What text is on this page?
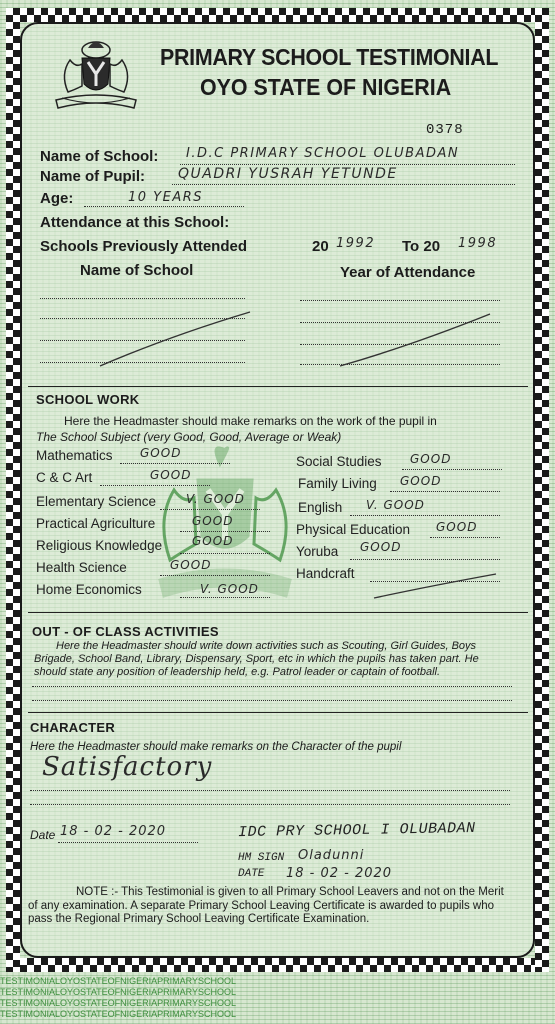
PRIMARY SCHOOL TESTIMONIAL
OYO STATE OF NIGERIA
0378
Name of School: I.D.C PRIMARY SCHOOL OLUBADAN
Name of Pupil: QUADRI YUSRAH YETUNDE
Age:	10 YEARS
Attendance at this School:
Schools Previously Attended	20 1992 To 20 1998
Name of School	Year of Attendance
SCHOOL WORK
Here the Headmaster should make remarks on the work of the pupil in
The School Subject (very Good, Good, Average or Weak)
Mathematics GOOD
C & C Art	GOOD
Elementary Science V. GOOD
Practical Agriculture	GOOD
Religious Knowledge GOOD
Health Science	GOOD
Home Economics	V. GOOD
Social Studies GOOD
Family Living GOOD
English V. GOOD
Physical Education GOOD
Yoruba GOOD
Handcraft
OUT - OF CLASS ACTIVITIES
Here the Headmaster should write down activities such as Scouting, Girl Guides, Boys Brigade, School Band, Library, Dispensary, Sport, etc in which the pupils has taken part. He should state any position of leadership held, e.g. Patrol leader or captain of football.
CHARACTER
Here the Headmaster should make remarks on the Character of the pupil
Satisfactory
Date 18 - 02 - 2020	IDC PRY SCHOOL I OLUBADAN
HM SIGN Oladunni
DATE 18 - 02 - 2020
NOTE :- This Testimonial is given to all Primary School Leavers and not on the Merit of any examination. A separate Primary School Leaving Certificate is awarded to pupils who pass the Regional Primary School Leaving Certificate Examination.
TESTIMONIALOYOSTATEOFNIGERIAPRIMARYSCHOOL
TESTIMONIALOYOSTATEOFNIGERIAPRIMARYSCHOOL
TESTIMONIALOYOSTATEOFNIGERIAPRIMARYSCHOOL
TESTIMONIALOYOSTATEOFNIGERIAPRIMARYSCHOOL
